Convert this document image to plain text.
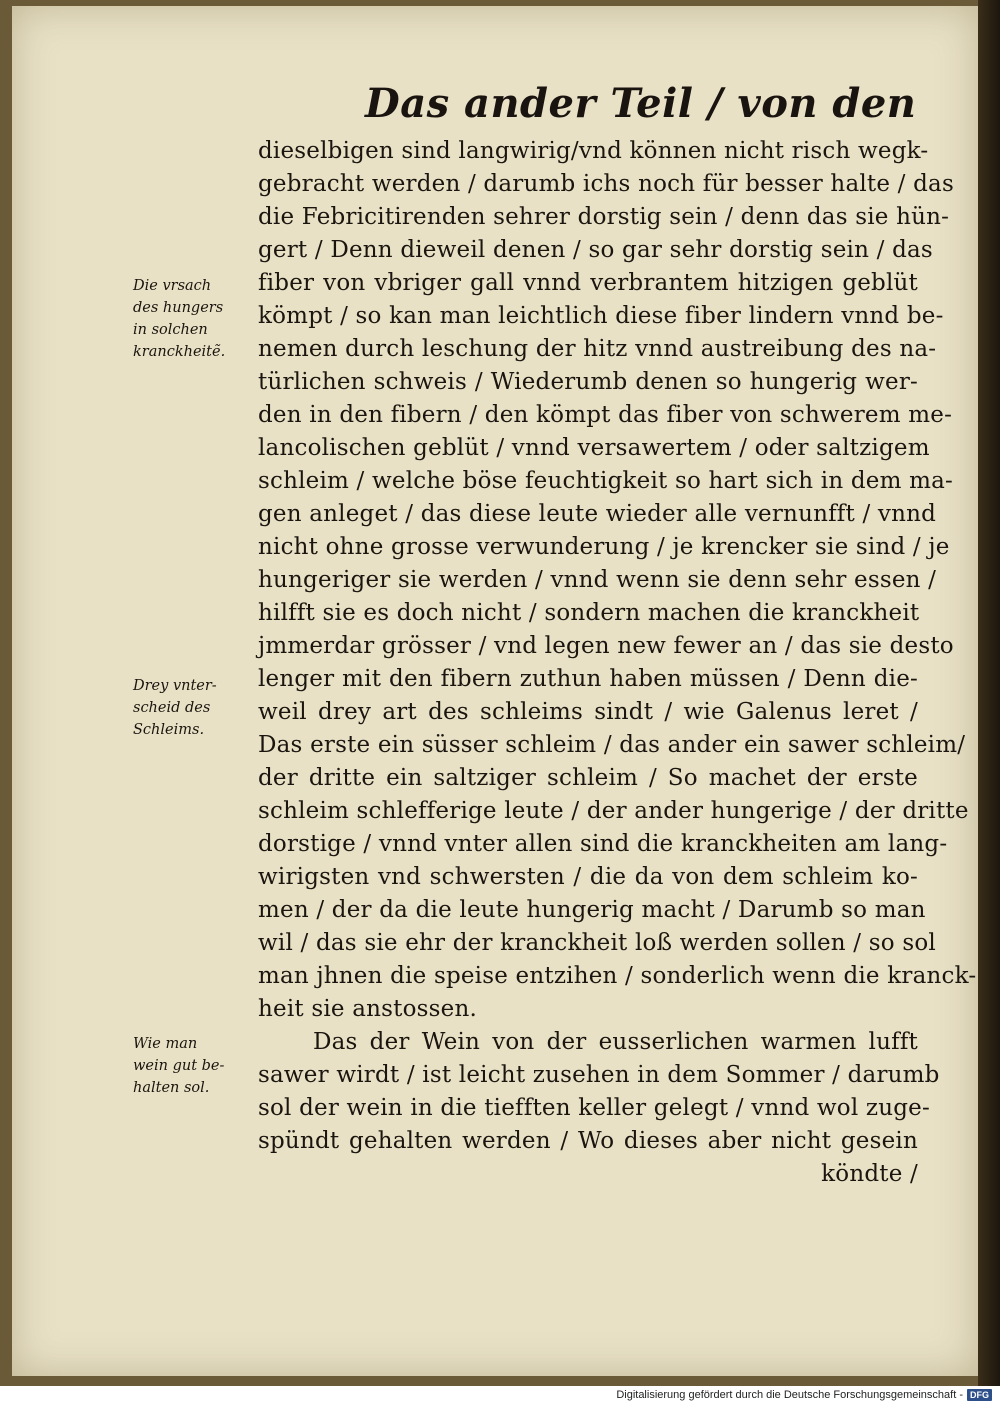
Das ander Teil / von den
dieselbigen sind langwirig/vnd können nicht risch wegk-
gebracht werden / darumb ichs noch für besser halte / das
die Febricitirenden sehrer dorstig sein / denn das sie hün-
gert / Denn dieweil denen / so gar sehr dorstig sein / das
fiber von vbriger gall vnnd verbrantem hitzigen geblüt
kömpt / so kan man leichtlich diese fiber lindern vnnd be-
nemen durch leschung der hitz vnnd austreibung des na-
türlichen schweis / Wiederumb denen so hungerig wer-
den in den fibern / den kömpt das fiber von schwerem me-
lancolischen geblüt / vnnd versawertem / oder saltzigem
schleim / welche böse feuchtigkeit so hart sich in dem ma-
gen anleget / das diese leute wieder alle vernunfft / vnnd
nicht ohne grosse verwunderung / je krencker sie sind / je
hungeriger sie werden / vnnd wenn sie denn sehr essen /
hilfft sie es doch nicht / sondern machen die kranckheit
jmmerdar grösser / vnd legen new fewer an / das sie desto
lenger mit den fibern zuthun haben müssen / Denn die-
weil drey art des schleims sindt / wie Galenus leret /
Das erste ein süsser schleim / das ander ein sawer schleim/
der dritte ein saltziger schleim / So machet der erste
schleim schlefferige leute / der ander hungerige / der dritte
dorstige / vnnd vnter allen sind die kranckheiten am lang-
wirigsten vnd schwersten / die da von dem schleim ko-
men / der da die leute hungerig macht / Darumb so man
wil / das sie ehr der kranckheit loß werden sollen / so sol
man jhnen die speise entzihen / sonderlich wenn die kranck-
heit sie anstossen.
Das der Wein von der eusserlichen warmen lufft
sawer wirdt / ist leicht zusehen in dem Sommer / darumb
sol der wein in die tiefften keller gelegt / vnnd wol zuge-
spündt gehalten werden / Wo dieses aber nicht gesein
köndte /
Die vrsach
des hungers
in solchen
kranckheitẽ.
Drey vnter-
scheid des
Schleims.
Wie man
wein gut be-
halten sol.
Digitalisierung gefördert durch die Deutsche Forschungsgemeinschaft - DFG
